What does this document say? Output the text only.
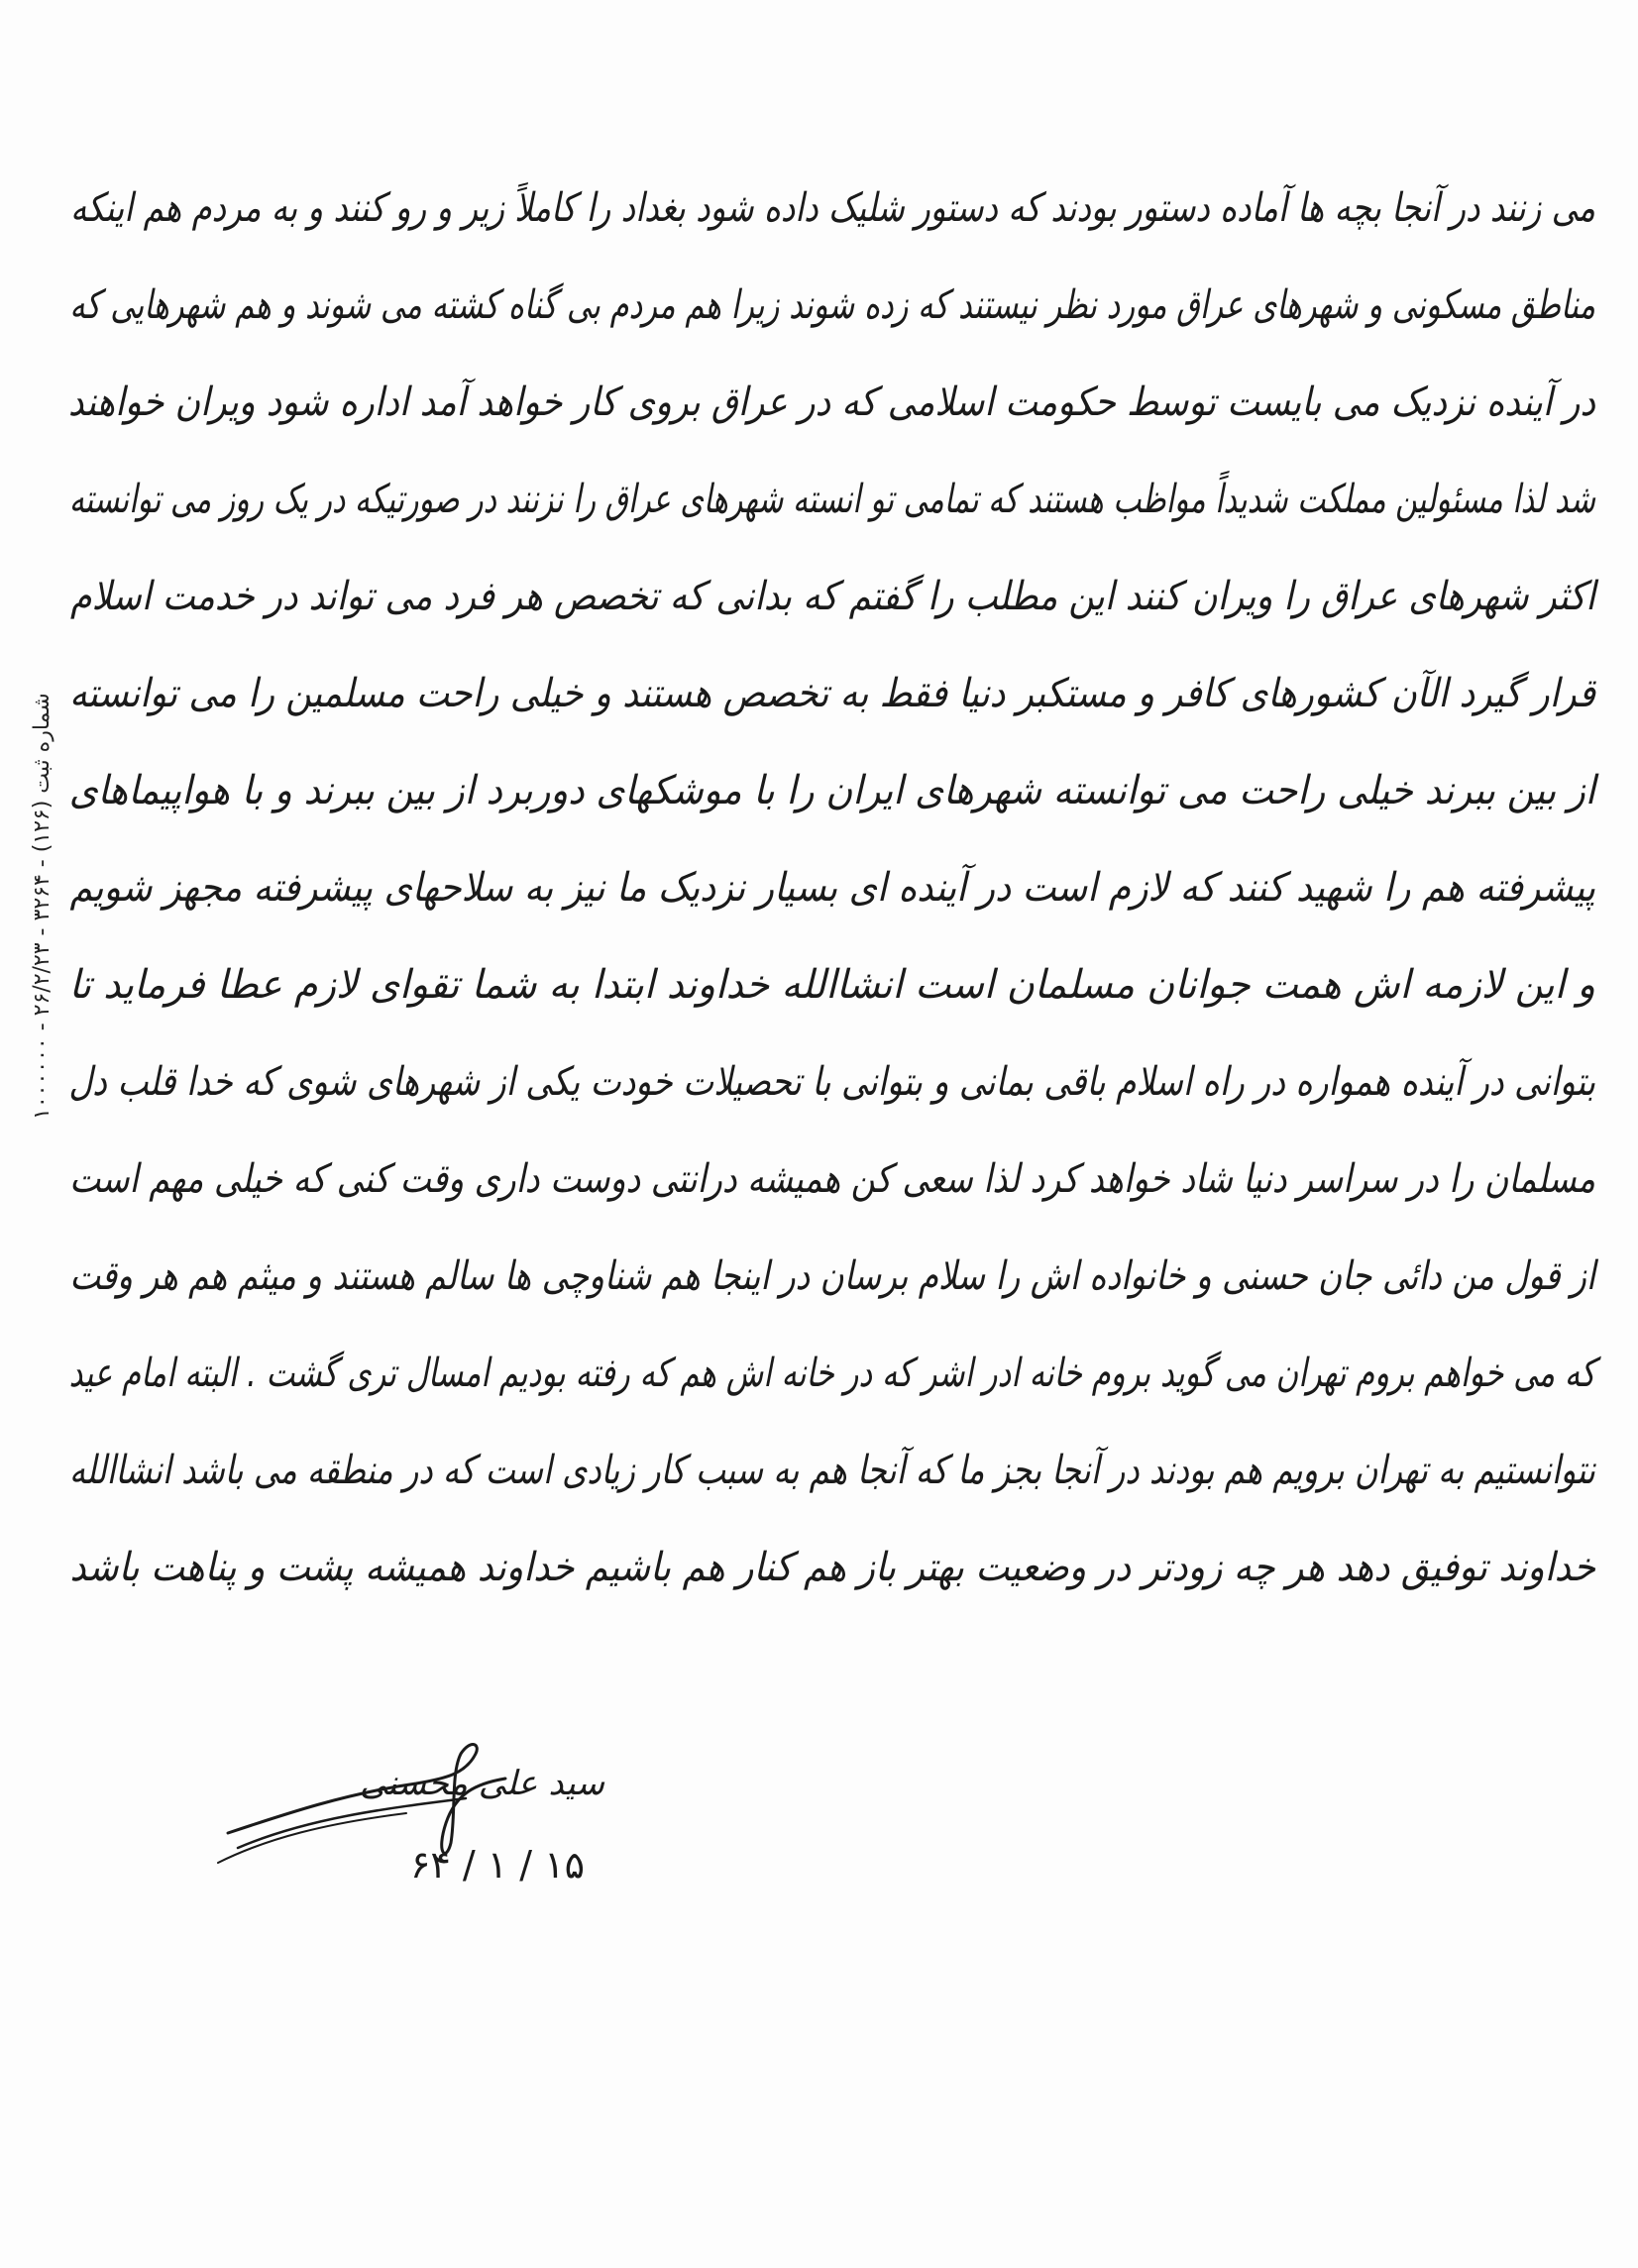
می زنند در آنجا بچه ها آماده دستور بودند که دستور شلیک داده شود بغداد را کاملاً زیر و رو کنند و به مردم هم اینکه
مناطق مسکونی و شهرهای عراق مورد نظر نیستند که زده شوند زیرا هم مردم بی گناه کشته می شوند و هم شهرهایی که
در آینده نزدیک می بایست توسط حکومت اسلامی که در عراق بروی کار خواهد آمد اداره شود ویران خواهند
شد لذا مسئولین مملکت شدیداً مواظب هستند که تمامی تو انسته شهرهای عراق را نزنند در صورتیکه در یک روز می توانسته
اکثر شهرهای عراق را ویران کنند این مطلب را گفتم که بدانی که تخصص هر فرد می تواند در خدمت اسلام
قرار گیرد الآن کشورهای کافر و مستکبر دنیا فقط به تخصص هستند و خیلی راحت مسلمین را می توانسته
از بین ببرند خیلی راحت می توانسته شهرهای ایران را با موشکهای دوربرد از بین ببرند و با هواپیماهای
پیشرفته هم را شهید کنند که لازم است در آینده ای بسیار نزدیک ما نیز به سلاحهای پیشرفته مجهز شویم
و این لازمه اش همت جوانان مسلمان است انشاالله خداوند ابتدا به شما تقوای لازم عطا فرماید تا
بتوانی در آینده همواره در راه اسلام باقی بمانی و بتوانی با تحصیلات خودت یکی از شهرهای شوی که خدا قلب دل
مسلمان را در سراسر دنیا شاد خواهد کرد لذا سعی کن همیشه درانتی دوست داری وقت کنی که خیلی مهم است
از قول من دائی جان حسنی و خانواده اش را سلام برسان در اینجا هم شناوچی ها سالم هستند و میثم هم هر وقت
که می خواهم بروم تهران می گوید بروم خانه ادر اشر که در خانه اش هم که رفته بودیم امسال تری گشت . البته امام عید
نتوانستیم به تهران برویم هم بودند در آنجا بجز ما که آنجا هم به سبب کار زیادی است که در منطقه می باشد انشاالله
خداوند توفیق دهد هر چه زودتر در وضعیت بهتر باز هم کنار هم باشیم خداوند همیشه پشت و پناهت باشد
شماره ثبت (۱۲۶) - ۳۲۶۴ - ۲۶/۲/۲۳ - ۱۰۰۰۰۰۰
سید علی محسنی
۱۵ / ۱ / ۶۴
